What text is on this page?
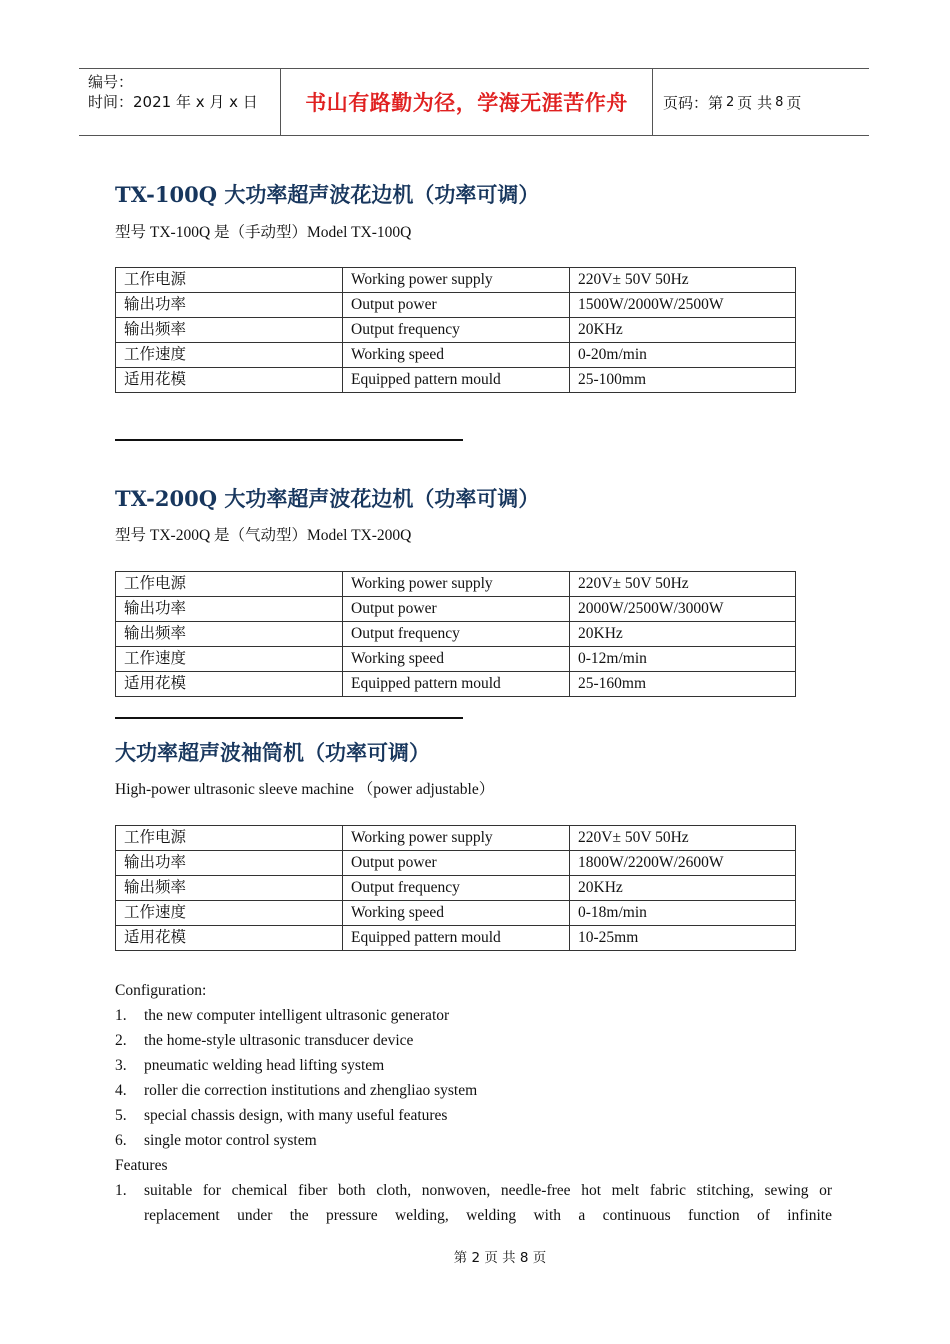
编号：
时间：2021 年 x 月 x 日	书山有路勤为径，学海无涯苦作舟 页码：第 2 页 共 8 页
TX-100Q 大功率超声波花边机（功率可调）
型号 TX-100Q 是（手动型）Model TX-100Q
工作电源	Working power supply	220V± 50V 50Hz
输出功率	Output power	1500W/2000W/2500W
输出频率	Output frequency	20KHz
工作速度	Working speed	0-20m/min
适用花模	Equipped pattern mould	25-100mm
TX-200Q 大功率超声波花边机（功率可调）
型号 TX-200Q 是（气动型）Model TX-200Q
工作电源	Working power supply	220V± 50V 50Hz
输出功率	Output power	2000W/2500W/3000W
输出频率	Output frequency	20KHz
工作速度	Working speed	0-12m/min
适用花模	Equipped pattern mould	25-160mm
大功率超声波袖筒机（功率可调）
High-power ultrasonic sleeve machine （power adjustable）
工作电源	Working power supply	220V± 50V 50Hz
输出功率	Output power	1800W/2200W/2600W
输出频率	Output frequency	20KHz
工作速度	Working speed	0-18m/min
适用花模	Equipped pattern mould	10-25mm
Configuration:
1.	the new computer intelligent ultrasonic generator
2.	the home-style ultrasonic transducer device
3.	pneumatic welding head lifting system
4.	roller die correction institutions and zhengliao system
5.	special chassis design, with many useful features
6.	single motor control system
Features
1.	suitable for chemical fiber both cloth, nonwoven, needle-free hot melt fabric stitching, sewing or
replacement under the pressure welding, welding with a continuous function of infinite
第 2 页 共 8 页
